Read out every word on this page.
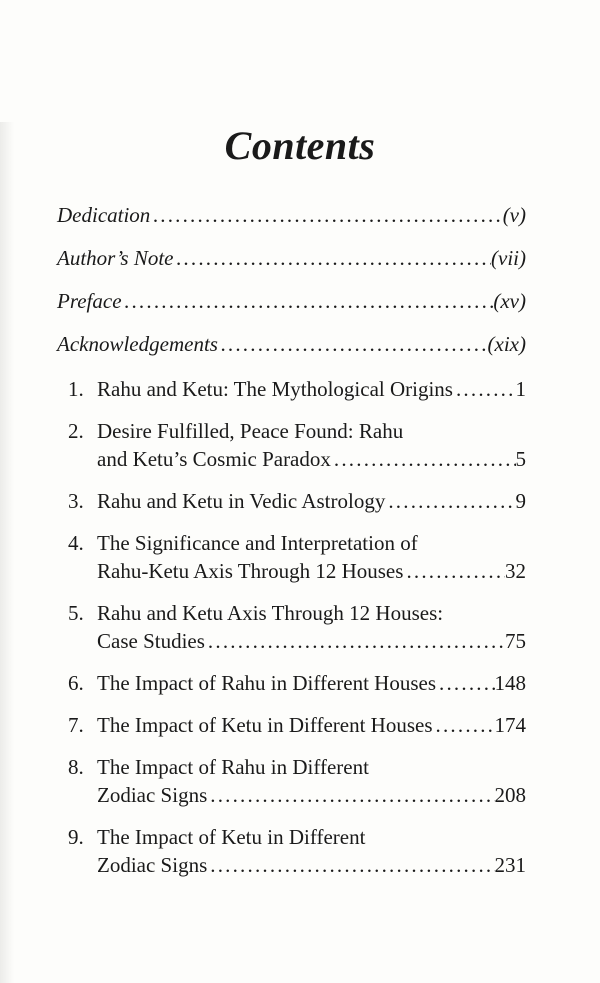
Contents
Dedication .....	(v)
Author’s Note .....	(vii)
Preface .....	(xv)
Acknowledgements .....	(xix)
1. Rahu and Ketu: The Mythological Origins .....	1
2. Desire Fulfilled, Peace Found: Rahu
and Ketu’s Cosmic Paradox .....	5
3. Rahu and Ketu in Vedic Astrology .....	9
4. The Significance and Interpretation of
Rahu-Ketu Axis Through 12 Houses .....	32
5. Rahu and Ketu Axis Through 12 Houses:
Case Studies .....	75
6. The Impact of Rahu in Different Houses .....	148
7. The Impact of Ketu in Different Houses .....	174
8. The Impact of Rahu in Different
Zodiac Signs .....	208
9. The Impact of Ketu in Different
Zodiac Signs .....	231
